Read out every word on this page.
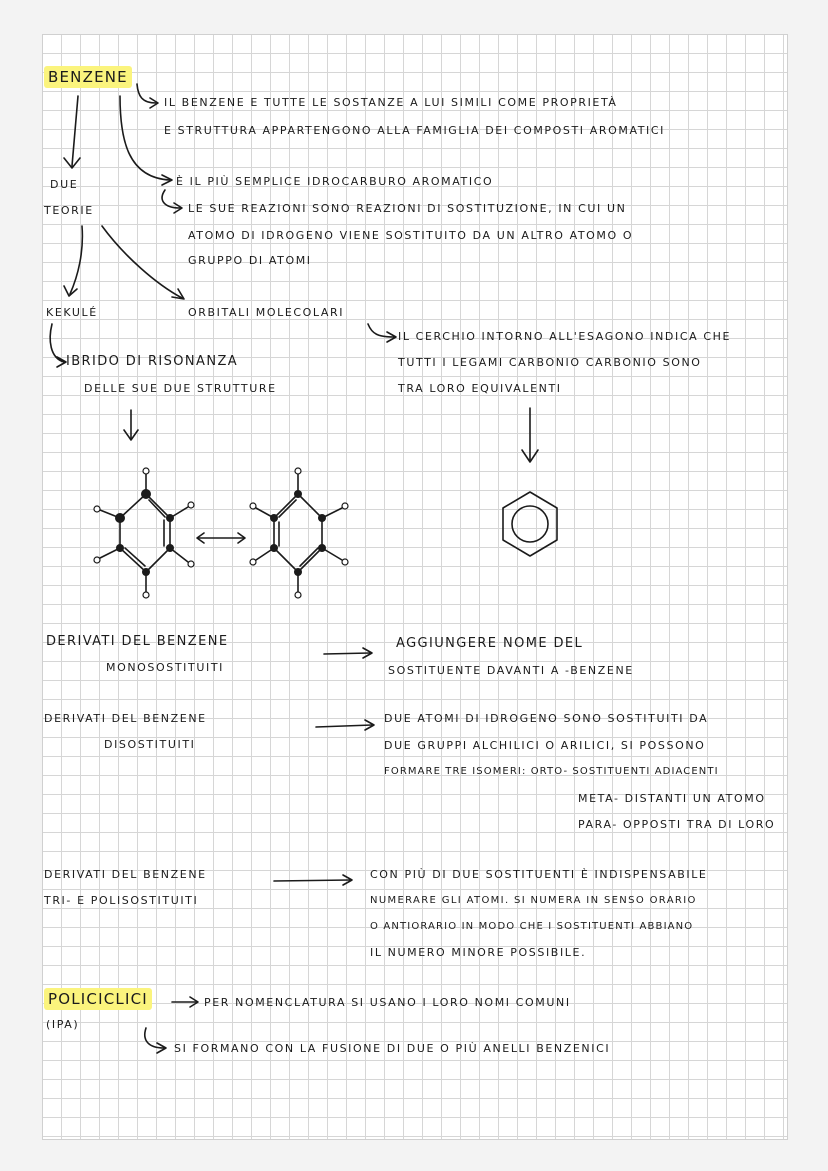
BENZENE
IL BENZENE E TUTTE LE SOSTANZE A LUI SIMILI COME PROPRIETÀ
E STRUTTURA APPARTENGONO ALLA FAMIGLIA DEI COMPOSTI AROMATICI
È IL PIÙ SEMPLICE IDROCARBURO AROMATICO
LE SUE REAZIONI SONO REAZIONI DI SOSTITUZIONE, IN CUI UN
ATOMO DI IDROGENO VIENE SOSTITUITO DA UN ALTRO ATOMO O
GRUPPO DI ATOMI
DUE
TEORIE
KEKULÉ	ORBITALI MOLECOLARI
IBRIDO DI RISONANZA
DELLE SUE DUE STRUTTURE
IL CERCHIO INTORNO ALL'ESAGONO INDICA CHE
TUTTI I LEGAMI CARBONIO CARBONIO SONO
TRA LORO EQUIVALENTI
DERIVATI DEL BENZENE
MONOSOSTITUITI
AGGIUNGERE NOME DEL
SOSTITUENTE DAVANTI A -BENZENE
DERIVATI DEL BENZENE
DISOSTITUITI
DUE ATOMI DI IDROGENO SONO SOSTITUITI DA
DUE GRUPPI ALCHILICI O ARILICI, SI POSSONO
FORMARE TRE ISOMERI: ORTO- SOSTITUENTI ADIACENTI
META- DISTANTI UN ATOMO
PARA- OPPOSTI TRA DI LORO
DERIVATI DEL BENZENE
TRI- E POLISOSTITUITI
CON PIÙ DI DUE SOSTITUENTI È INDISPENSABILE
NUMERARE GLI ATOMI. SI NUMERA IN SENSO ORARIO
O ANTIORARIO IN MODO CHE I SOSTITUENTI ABBIANO
IL NUMERO MINORE POSSIBILE.
POLICICLICI
(IPA)
PER NOMENCLATURA SI USANO I LORO NOMI COMUNI
SI FORMANO CON LA FUSIONE DI DUE O PIÙ ANELLI BENZENICI
